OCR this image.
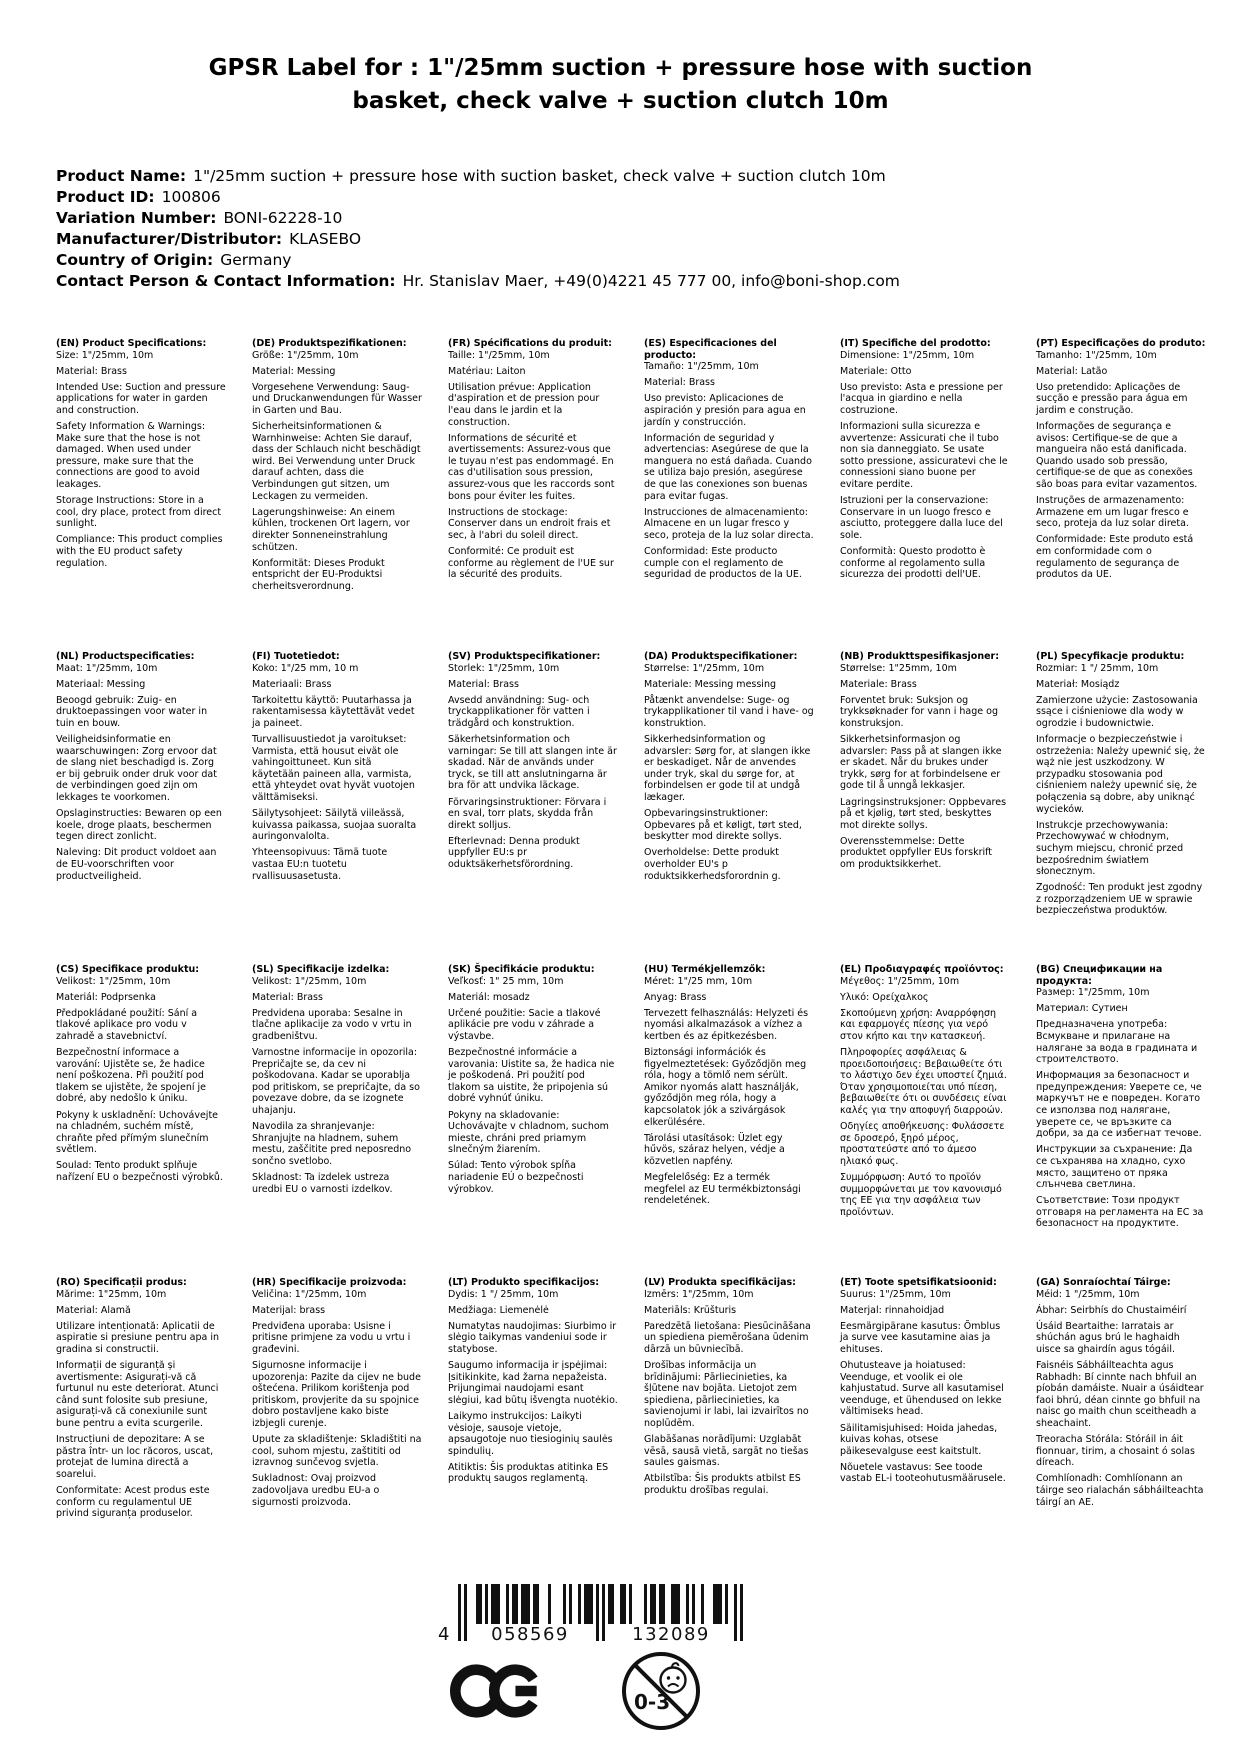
GPSR Label for : 1"/25mm suction + pressure hose with suction basket, check valve + suction clutch 10m
Product Name: 1"/25mm suction + pressure hose with suction basket, check valve + suction clutch 10m
Product ID: 100806
Variation Number: BONI-62228-10
Manufacturer/Distributor: KLASEBO
Country of Origin: Germany
Contact Person & Contact Information: Hr. Stanislav Maer, +49(0)4221 45 777 00, info@boni-shop.com
(EN) Product Specifications:

Size: 1"/25mm, 10m

Material: Brass

Intended Use: Suction and pressure applications for water in garden and construction.

Safety Information & Warnings: Make sure that the hose is not damaged. When used under pressure, make sure that the connections are good to avoid leakages.

Storage Instructions: Store in a cool, dry place, protect from direct sunlight.

Compliance: This product complies with the EU product safety regulation.

(DE) Produktspezifikationen:

Größe: 1"/25mm, 10m

Material: Messing

Vorgesehene Verwendung: Saug- und Druckanwendungen für Wasser in Garten und Bau.

Sicherheitsinformationen & Warnhinweise: Achten Sie darauf, dass der Schlauch nicht beschädigt wird. Bei Verwendung unter Druck darauf achten, dass die Verbindungen gut sitzen, um Leckagen zu vermeiden.

Lagerungshinweise: An einem kühlen, trockenen Ort lagern, vor direkter Sonneneinstrahlung schützen.

Konformität: Dieses Produkt entspricht der EU-Produktsi cherheitsverordnung.

(FR) Spécifications du produit:

Taille: 1"/25mm, 10m

Matériau: Laiton

Utilisation prévue: Application d'aspiration et de pression pour l'eau dans le jardin et la construction.

Informations de sécurité et avertissements: Assurez-vous que le tuyau n'est pas endommagé. En cas d'utilisation sous pression, assurez-vous que les raccords sont bons pour éviter les fuites.

Instructions de stockage: Conserver dans un endroit frais et sec, à l'abri du soleil direct.

Conformité: Ce produit est conforme au règlement de l'UE sur la sécurité des produits.

(ES) Especificaciones del producto:

Tamaño: 1"/25mm, 10m

Material: Brass

Uso previsto: Aplicaciones de aspiración y presión para agua en jardín y construcción.

Información de seguridad y advertencias: Asegúrese de que la manguera no está dañada. Cuando se utiliza bajo presión, asegúrese de que las conexiones son buenas para evitar fugas.

Instrucciones de almacenamiento: Almacene en un lugar fresco y seco, proteja de la luz solar directa.

Conformidad: Este producto cumple con el reglamento de seguridad de productos de la UE.

(IT) Specifiche del prodotto:

Dimensione: 1"/25mm, 10m

Materiale: Otto

Uso previsto: Asta e pressione per l'acqua in giardino e nella costruzione.

Informazioni sulla sicurezza e avvertenze: Assicurati che il tubo non sia danneggiato. Se usate sotto pressione, assicuratevi che le connessioni siano buone per evitare perdite.

Istruzioni per la conservazione: Conservare in un luogo fresco e asciutto, proteggere dalla luce del sole.

Conformità: Questo prodotto è conforme al regolamento sulla sicurezza dei prodotti dell'UE.

(PT) Especificações do produto:

Tamanho: 1"/25mm, 10m

Material: Latão

Uso pretendido: Aplicações de sucção e pressão para água em jardim e construção.

Informações de segurança e avisos: Certifique-se de que a mangueira não está danificada. Quando usado sob pressão, certifique-se de que as conexões são boas para evitar vazamentos.

Instruções de armazenamento: Armazene em um lugar fresco e seco, proteja da luz solar direta.

Conformidade: Este produto está em conformidade com o regulamento de segurança de produtos da UE.

(NL) Productspecificaties:

Maat: 1"/25mm, 10m

Materiaal: Messing

Beoogd gebruik: Zuig- en druktoepassingen voor water in tuin en bouw.

Veiligheidsinformatie en waarschuwingen: Zorg ervoor dat de slang niet beschadigd is. Zorg er bij gebruik onder druk voor dat de verbindingen goed zijn om lekkages te voorkomen.

Opslaginstructies: Bewaren op een koele, droge plaats, beschermen tegen direct zonlicht.

Naleving: Dit product voldoet aan de EU-voorschriften voor productveiligheid.

(FI) Tuotetiedot:

Koko: 1"/25 mm, 10 m

Materiaali: Brass

Tarkoitettu käyttö: Puutarhassa ja rakentamisessa käytettävät vedet ja paineet.

Turvallisuustiedot ja varoitukset: Varmista, että housut eivät ole vahingoittuneet. Kun sitä käytetään paineen alla, varmista, että yhteydet ovat hyvät vuotojen välttämiseksi.

Säilytysohjeet: Säilytä viileässä, kuivassa paikassa, suojaa suoralta auringonvalolta.

Yhteensopivuus: Tämä tuote vastaa EU:n tuotetu rvallisuusasetusta.

(SV) Produktspecifikationer:

Storlek: 1"/25mm, 10m

Material: Brass

Avsedd användning: Sug- och tryckapplikationer för vatten i trädgård och konstruktion.

Säkerhetsinformation och varningar: Se till att slangen inte är skadad. När de används under tryck, se till att anslutningarna är bra för att undvika läckage.

Förvaringsinstruktioner: Förvara i en sval, torr plats, skydda från direkt solljus.

Efterlevnad: Denna produkt uppfyller EU:s pr oduktsäkerhetsförordning.

(DA) Produktspecifikationer:

Størrelse: 1"/25mm, 10m

Materiale: Messing messing

Påtænkt anvendelse: Suge- og trykapplikationer til vand i have- og konstruktion.

Sikkerhedsinformation og advarsler: Sørg for, at slangen ikke er beskadiget. Når de anvendes under tryk, skal du sørge for, at forbindelsen er gode til at undgå lækager.

Opbevaringsinstruktioner: Opbevares på et køligt, tørt sted, beskytter mod direkte sollys.

Overholdelse: Dette produkt overholder EU's p roduktsikkerhedsforordnin g.

(NB) Produkttspesifikasjoner:

Størrelse: 1"25mm, 10m

Materiale: Brass

Forventet bruk: Suksjon og trykksøknader for vann i hage og konstruksjon.

Sikkerhetsinformasjon og advarsler: Pass på at slangen ikke er skadet. Når du brukes under trykk, sørg for at forbindelsene er gode til å unngå lekkasjer.

Lagringsinstruksjoner: Oppbevares på et kjølig, tørt sted, beskyttes mot direkte sollys.

Overensstemmelse: Dette produktet oppfyller EUs forskrift om produktsikkerhet.

(PL) Specyfikacje produktu:

Rozmiar: 1 "/ 25mm, 10m

Materiał: Mosiądz

Zamierzone użycie: Zastosowania ssące i ciśnieniowe dla wody w ogrodzie i budownictwie.

Informacje o bezpieczeństwie i ostrzeżenia: Należy upewnić się, że wąż nie jest uszkodzony. W przypadku stosowania pod ciśnieniem należy upewnić się, że połączenia są dobre, aby uniknąć wycieków.

Instrukcje przechowywania: Przechowywać w chłodnym, suchym miejscu, chronić przed bezpośrednim światłem słonecznym.

Zgodność: Ten produkt jest zgodny z rozporządzeniem UE w sprawie bezpieczeństwa produktów.

(CS) Specifikace produktu:

Velikost: 1"/25mm, 10m

Materiál: Podprsenka

Předpokládané použití: Sání a tlakové aplikace pro vodu v zahradě a stavebnictví.

Bezpečnostní informace a varování: Ujistěte se, že hadice není poškozena. Při použití pod tlakem se ujistěte, že spojení je dobré, aby nedošlo k úniku.

Pokyny k uskladnění: Uchovávejte na chladném, suchém místě, chraňte před přímým slunečním světlem.

Soulad: Tento produkt splňuje nařízení EU o bezpečnosti výrobků.

(SL) Specifikacije izdelka:

Velikost: 1"/25mm, 10m

Material: Brass

Predvidena uporaba: Sesalne in tlačne aplikacije za vodo v vrtu in gradbeništvu.

Varnostne informacije in opozorila: Prepričajte se, da cev ni poškodovana. Kadar se uporablja pod pritiskom, se prepričajte, da so povezave dobre, da se izognete uhajanju.

Navodila za shranjevanje: Shranjujte na hladnem, suhem mestu, zaščitite pred neposredno sončno svetlobo.

Skladnost: Ta izdelek ustreza uredbi EU o varnosti izdelkov.

(SK) Špecifikácie produktu:

Veľkosť: 1" 25 mm, 10m

Materiál: mosadz

Určené použitie: Sacie a tlakové aplikácie pre vodu v záhrade a výstavbe.

Bezpečnostné informácie a varovania: Uistite sa, že hadica nie je poškodená. Pri použití pod tlakom sa uistite, že pripojenia sú dobré vyhnúť úniku.

Pokyny na skladovanie: Uchovávajte v chladnom, suchom mieste, chráni pred priamym slnečným žiarením.

Súlad: Tento výrobok spĺňa nariadenie EÚ o bezpečnosti výrobkov.

(HU) Termékjellemzők:

Méret: 1"/25 mm, 10m

Anyag: Brass

Tervezett felhasználás: Helyzeti és nyomási alkalmazások a vízhez a kertben és az épitkezésben.

Biztonsági információk és figyelmeztetések: Győződjön meg róla, hogy a tömlő nem sérült. Amikor nyomás alatt használják, győződjön meg róla, hogy a kapcsolatok jók a szivárgások elkerülésére.

Tárolási utasítások: Üzlet egy hűvös, száraz helyen, védje a közvetlen napfény.

Megfelelőség: Ez a termék megfelel az EU termékbiztonsági rendeletének.

(EL) Προδιαγραφές προϊόντος:

Μέγεθος: 1"/25mm, 10m

Υλικό: Ορείχαλκος

Σκοπούμενη χρήση: Αναρρόφηση και εφαρμογές πίεσης για νερό στον κήπο και την κατασκευή.

Πληροφορίες ασφάλειας & προειδοποιήσεις: Βεβαιωθείτε ότι το λάστιχο δεν έχει υποστεί ζημιά. Όταν χρησιμοποιείται υπό πίεση, βεβαιωθείτε ότι οι συνδέσεις είναι καλές για την αποφυγή διαρροών.

Οδηγίες αποθήκευσης: Φυλάσσετε σε δροσερό, ξηρό μέρος, προστατεύστε από το άμεσο ηλιακό φως.

Συμμόρφωση: Αυτό το προϊόν συμμορφώνεται με τον κανονισμό της ΕΕ για την ασφάλεια των προϊόντων.

(BG) Спецификации на продукта:

Размер: 1"/25mm, 10m

Материал: Сутиен

Предназначена употреба: Всмукване и прилагане на налягане за вода в градината и строителството.

Информация за безопасност и предупреждения: Уверете се, че маркучът не е повреден. Когато се използва под налягане, уверете се, че връзките са добри, за да се избегнат течове.

Инструкции за съхранение: Да се съхранява на хладно, сухо място, защитено от пряка слънчева светлина.

Съответствие: Този продукт отговаря на регламента на ЕС за безопасност на продуктите.

(RO) Specificații produs:

Mărime: 1"25mm, 10m

Material: Alamă

Utilizare intenționată: Aplicatii de aspiratie si presiune pentru apa in gradina si constructii.

Informații de siguranță și avertismente: Asigurați-vă că furtunul nu este deteriorat. Atunci când sunt folosite sub presiune, asigurați-vă că conexiunile sunt bune pentru a evita scurgerile.

Instrucțiuni de depozitare: A se păstra într- un loc răcoros, uscat, protejat de lumina directă a soarelui.

Conformitate: Acest produs este conform cu regulamentul UE privind siguranța produselor.

(HR) Specifikacije proizvoda:

Veličina: 1"/25mm, 10m

Materijal: brass

Predviđena uporaba: Usisne i pritisne primjene za vodu u vrtu i građevini.

Sigurnosne informacije i upozorenja: Pazite da cijev ne bude oštećena. Prilikom korištenja pod pritiskom, provjerite da su spojnice dobro postavljene kako biste izbjegli curenje.

Upute za skladištenje: Skladištiti na cool, suhom mjestu, zaštititi od izravnog sunčevog svjetla.

Sukladnost: Ovaj proizvod zadovoljava uredbu EU-a o sigurnosti proizvoda.

(LT) Produkto specifikacijos:

Dydis: 1 "/ 25mm, 10m

Medžiaga: Liemenėlė

Numatytas naudojimas: Siurbimo ir slėgio taikymas vandeniui sode ir statybose.

Saugumo informacija ir įspėjimai: Įsitikinkite, kad žarna nepažeista. Prijungimai naudojami esant slėgiui, kad būtų išvengta nuotėkio.

Laikymo instrukcijos: Laikyti vėsioje, sausoje vietoje, apsaugotoje nuo tiesioginių saulės spindulių.

Atitiktis: Šis produktas atitinka ES produktų saugos reglamentą.

(LV) Produkta specifikācijas:

Izmērs: 1"/25mm, 10m

Materiāls: Krūšturis

Paredzētā lietošana: Piesūcināšana un spiediena piemērošana ūdenim dārzā un būvniecībā.

Drošības informācija un brīdinājumi: Pārliecinieties, ka šļūtene nav bojāta. Lietojot zem spiediena, pārliecinieties, ka savienojumi ir labi, lai izvairītos no noplūdēm.

Glabāšanas norādījumi: Uzglabāt vēsā, sausā vietā, sargāt no tiešas saules gaismas.

Atbilstība: Šis produkts atbilst ES produktu drošības regulai.

(ET) Toote spetsifikatsioonid:

Suurus: 1"/25mm, 10m

Materjal: rinnahoidjad

Eesmärgipärane kasutus: Õmblus ja surve vee kasutamine aias ja ehituses.

Ohutusteave ja hoiatused: Veenduge, et voolik ei ole kahjustatud. Surve all kasutamisel veenduge, et ühendused on lekke vältimiseks head.

Säilitamisjuhised: Hoida jahedas, kuivas kohas, otsese päikesevalguse eest kaitstult.

Nõuetele vastavus: See toode vastab EL-i tooteohutusmäärusele.

(GA) Sonraíochtaí Táirge:

Méid: 1 "/25mm, 10m

Ábhar: Seirbhís do Chustaiméirí

Úsáid Beartaithe: Iarratais ar shúchán agus brú le haghaidh uisce sa ghairdín agus tógáil.

Faisnéis Sábháilteachta agus Rabhadh: Bí cinnte nach bhfuil an píobán damáiste. Nuair a úsáidtear faoi bhrú, déan cinnte go bhfuil na naisc go maith chun sceitheadh a sheachaint.

Treoracha Stórála: Stóráil in áit fionnuar, tirim, a chosaint ó solas díreach.

Comhlíonadh: Comhlíonann an táirge seo rialachán sábháilteachta táirgí an AE.

4 058569	132089
0-3
